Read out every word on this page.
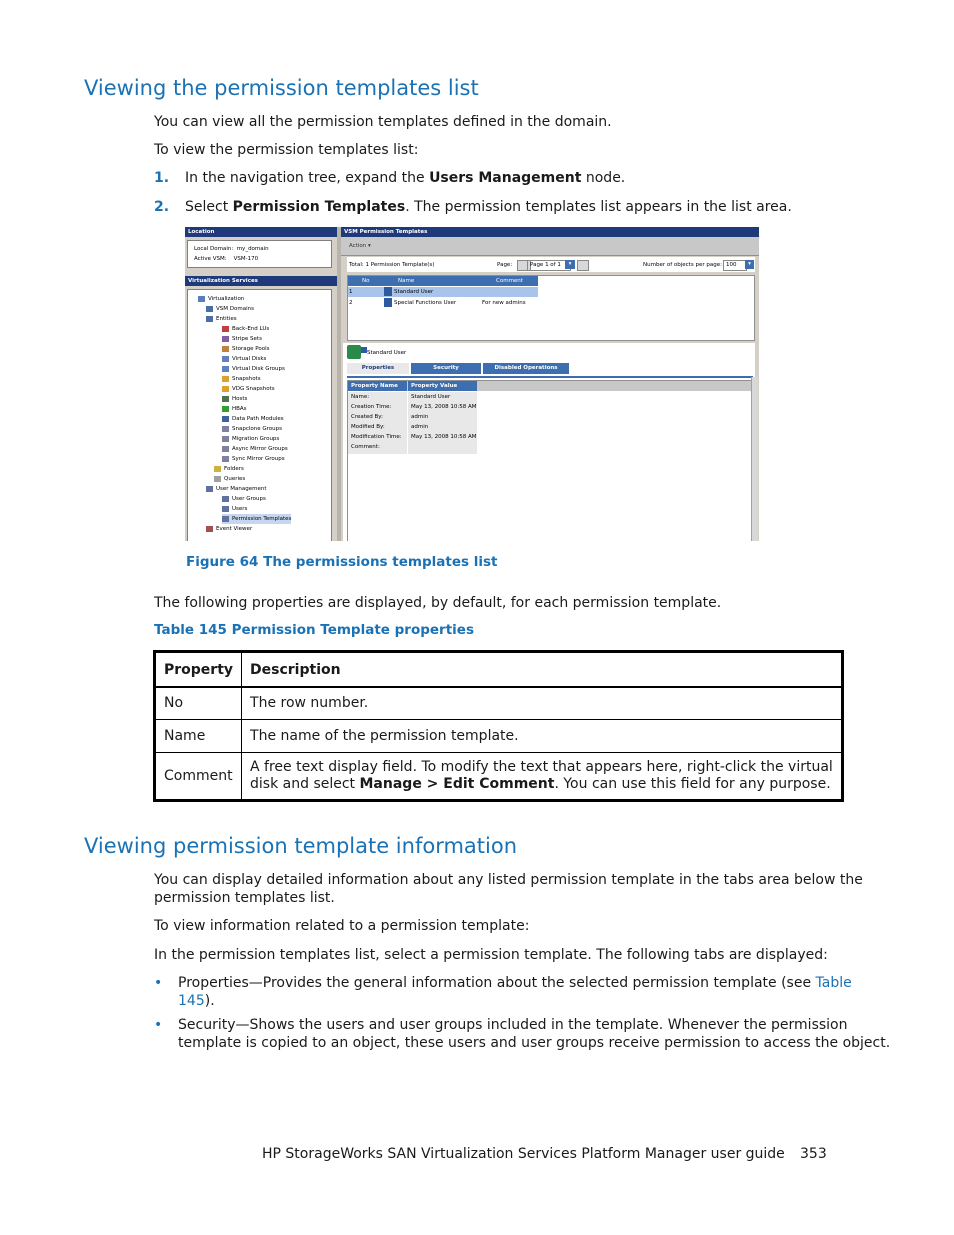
Viewing the permission templates list
You can view all the permission templates defined in the domain.
To view the permission templates list:
1. In the navigation tree, expand the Users Management node.
2. Select Permission Templates. The permission templates list appears in the list area.
Location
Local Domain: my_domain
Active VSM: VSM-170
Virtualization Services
Virtualization
VSM Domains
Entities
Back-End LUs
Stripe Sets
Storage Pools
Virtual Disks
Virtual Disk Groups
Snapshots
VDG Snapshots
Hosts
HBAs
Data Path Modules
Snapclone Groups
Migration Groups
Async Mirror Groups
Sync Mirror Groups
Folders
Queries
User Management
User Groups
Users
Permission Templates
Event Viewer
VSM Permission Templates
Action ▾
Total: 1 Permission Template(s)	Page:	Page 1 of 1	▾	Number of objects per page: 100	▾
No	Name	Comment
1	Standard User
2	Special Functions User	For new admins
Standard User
Properties	Security	Disabled Operations
Property Name	Property Value
Name:	Standard User
Creation Time:	May 13, 2008 10:58 AM
Created By:	admin
Modified By:	admin
Modification Time: May 13, 2008 10:58 AM
Comment:
Figure 64 The permissions templates list
The following properties are displayed, by default, for each permission template.
Table 145 Permission Template properties
Property	Description
No	The row number.
Name	The name of the permission template.
Comment	A free text display field. To modify the text that appears here, right-click the virtual
disk and select Manage > Edit Comment. You can use this field for any purpose.
Viewing permission template information
You can display detailed information about any listed permission template in the tabs area below the
permission templates list.
To view information related to a permission template:
In the permission templates list, select a permission template. The following tabs are displayed:
• Properties—Provides the general information about the selected permission template (see Table
145).
• Security—Shows the users and user groups included in the template. Whenever the permission
template is copied to an object, these users and user groups receive permission to access the object.
HP StorageWorks SAN Virtualization Services Platform Manager user guide 353
